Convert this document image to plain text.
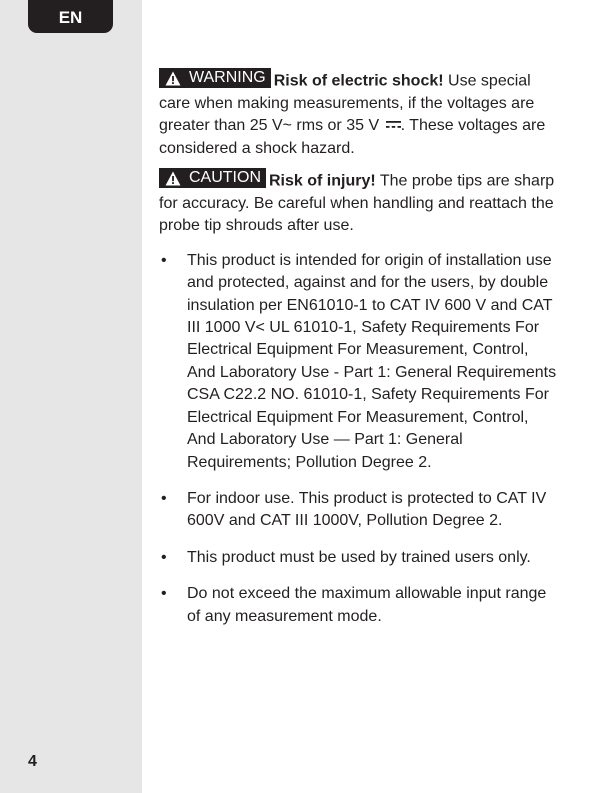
EN
4

WARNING Risk of electric shock! Use special care when making measurements, if the voltages are greater than 25 V~ rms or 35 V . These voltages are considered a shock hazard.

CAUTION Risk of injury! The probe tips are sharp for accuracy. Be careful when handling and reattach the probe tip shrouds after use.

• This product is intended for origin of installation use and protected, against and for the users, by double insulation per EN61010-1 to CAT IV 600 V and CAT III 1000 V< UL 61010-1, Safety Requirements For Electrical Equipment For Measurement, Control, And Laboratory Use - Part 1: General Requirements CSA C22.2 NO. 61010-1, Safety Requirements For Electrical Equipment For Measurement, Control, And Laboratory Use — Part 1: General Requirements; Pollution Degree 2.
• For indoor use. This product is protected to CAT IV 600V and CAT III 1000V, Pollution Degree 2.
• This product must be used by trained users only.
• Do not exceed the maximum allowable input range of any measurement mode.
